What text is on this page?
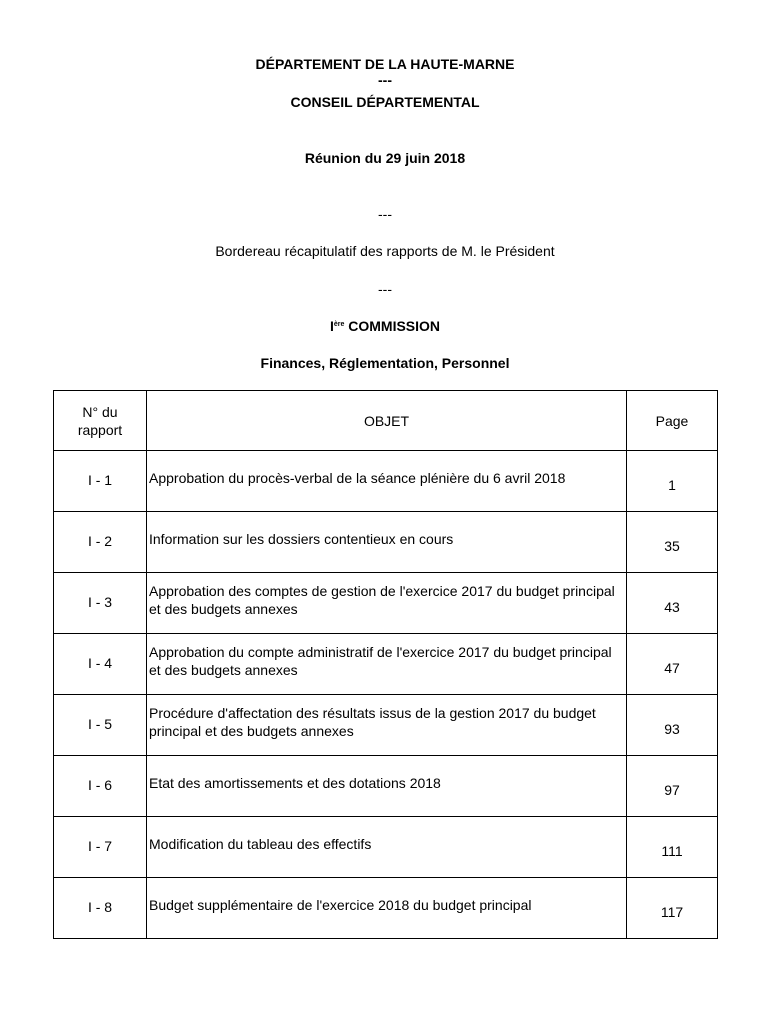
DÉPARTEMENT DE LA HAUTE-MARNE
---
CONSEIL DÉPARTEMENTAL
Réunion du 29 juin 2018
---
Bordereau récapitulatif des rapports de M. le Président
---
Ière COMMISSION
Finances, Réglementation, Personnel
N° du rapport	OBJET	Page
I - 1	Approbation du procès-verbal de la séance plénière du 6 avril 2018	1
I - 2	Information sur les dossiers contentieux en cours	35
I - 3	Approbation des comptes de gestion de l'exercice 2017 du budget principal et des budgets annexes	43
I - 4	Approbation du compte administratif de l'exercice 2017 du budget principal et des budgets annexes	47
I - 5	Procédure d'affectation des résultats issus de la gestion 2017 du budget principal et des budgets annexes	93
I - 6	Etat des amortissements et des dotations 2018	97
I - 7	Modification du tableau des effectifs	111
I - 8	Budget supplémentaire de l'exercice 2018 du budget principal	117
